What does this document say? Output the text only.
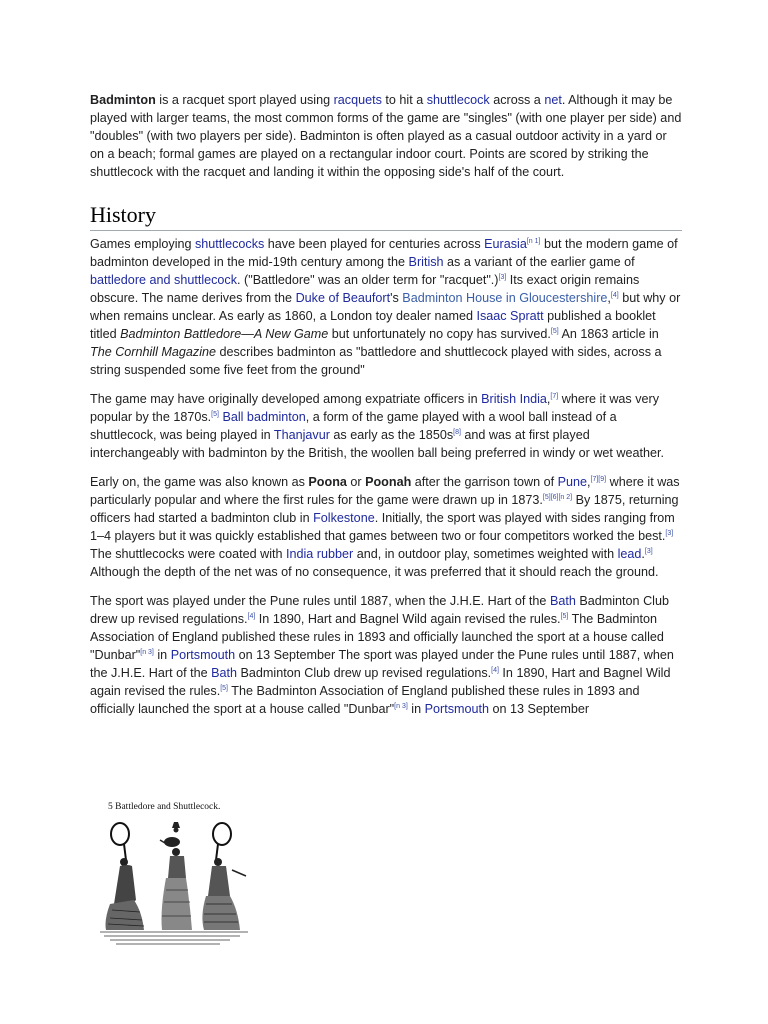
Badminton is a racquet sport played using racquets to hit a shuttlecock across a net. Although it may be played with larger teams, the most common forms of the game are "singles" (with one player per side) and "doubles" (with two players per side). Badminton is often played as a casual outdoor activity in a yard or on a beach; formal games are played on a rectangular indoor court. Points are scored by striking the shuttlecock with the racquet and landing it within the opposing side's half of the court.

History

Games employing shuttlecocks have been played for centuries across Eurasia[n 1] but the modern game of badminton developed in the mid-19th century among the British as a variant of the earlier game of battledore and shuttlecock. ("Battledore" was an older term for "racquet".)[3] Its exact origin remains obscure. The name derives from the Duke of Beaufort's Badminton House in Gloucestershire,[4] but why or when remains unclear. As early as 1860, a London toy dealer named Isaac Spratt published a booklet titled Badminton Battledore—A New Game but unfortunately no copy has survived.[5] An 1863 article in The Cornhill Magazine describes badminton as "battledore and shuttlecock played with sides, across a string suspended some five feet from the ground"

The game may have originally developed among expatriate officers in British India,[7] where it was very popular by the 1870s.[5] Ball badminton, a form of the game played with a wool ball instead of a shuttlecock, was being played in Thanjavur as early as the 1850s[8] and was at first played interchangeably with badminton by the British, the woollen ball being preferred in windy or wet weather.

Early on, the game was also known as Poona or Poonah after the garrison town of Pune,[7][9] where it was particularly popular and where the first rules for the game were drawn up in 1873.[5][6][n 2] By 1875, returning officers had started a badminton club in Folkestone. Initially, the sport was played with sides ranging from 1–4 players but it was quickly established that games between two or four competitors worked the best.[3] The shuttlecocks were coated with India rubber and, in outdoor play, sometimes weighted with lead.[3] Although the depth of the net was of no consequence, it was preferred that it should reach the ground.

The sport was played under the Pune rules until 1887, when the J.H.E. Hart of the Bath Badminton Club drew up revised regulations.[4] In 1890, Hart and Bagnel Wild again revised the rules.[5] The Badminton Association of England published these rules in 1893 and officially launched the sport at a house called "Dunbar"[n 3] in Portsmouth on 13 September The sport was played under the Pune rules until 1887, when the J.H.E. Hart of the Bath Badminton Club drew up revised regulations.[4] In 1890, Hart and Bagnel Wild again revised the rules.[5] The Badminton Association of England published these rules in 1893 and officially launched the sport at a house called "Dunbar"[n 3] in Portsmouth on 13 September

5 Battledore and Shuttlecock.
